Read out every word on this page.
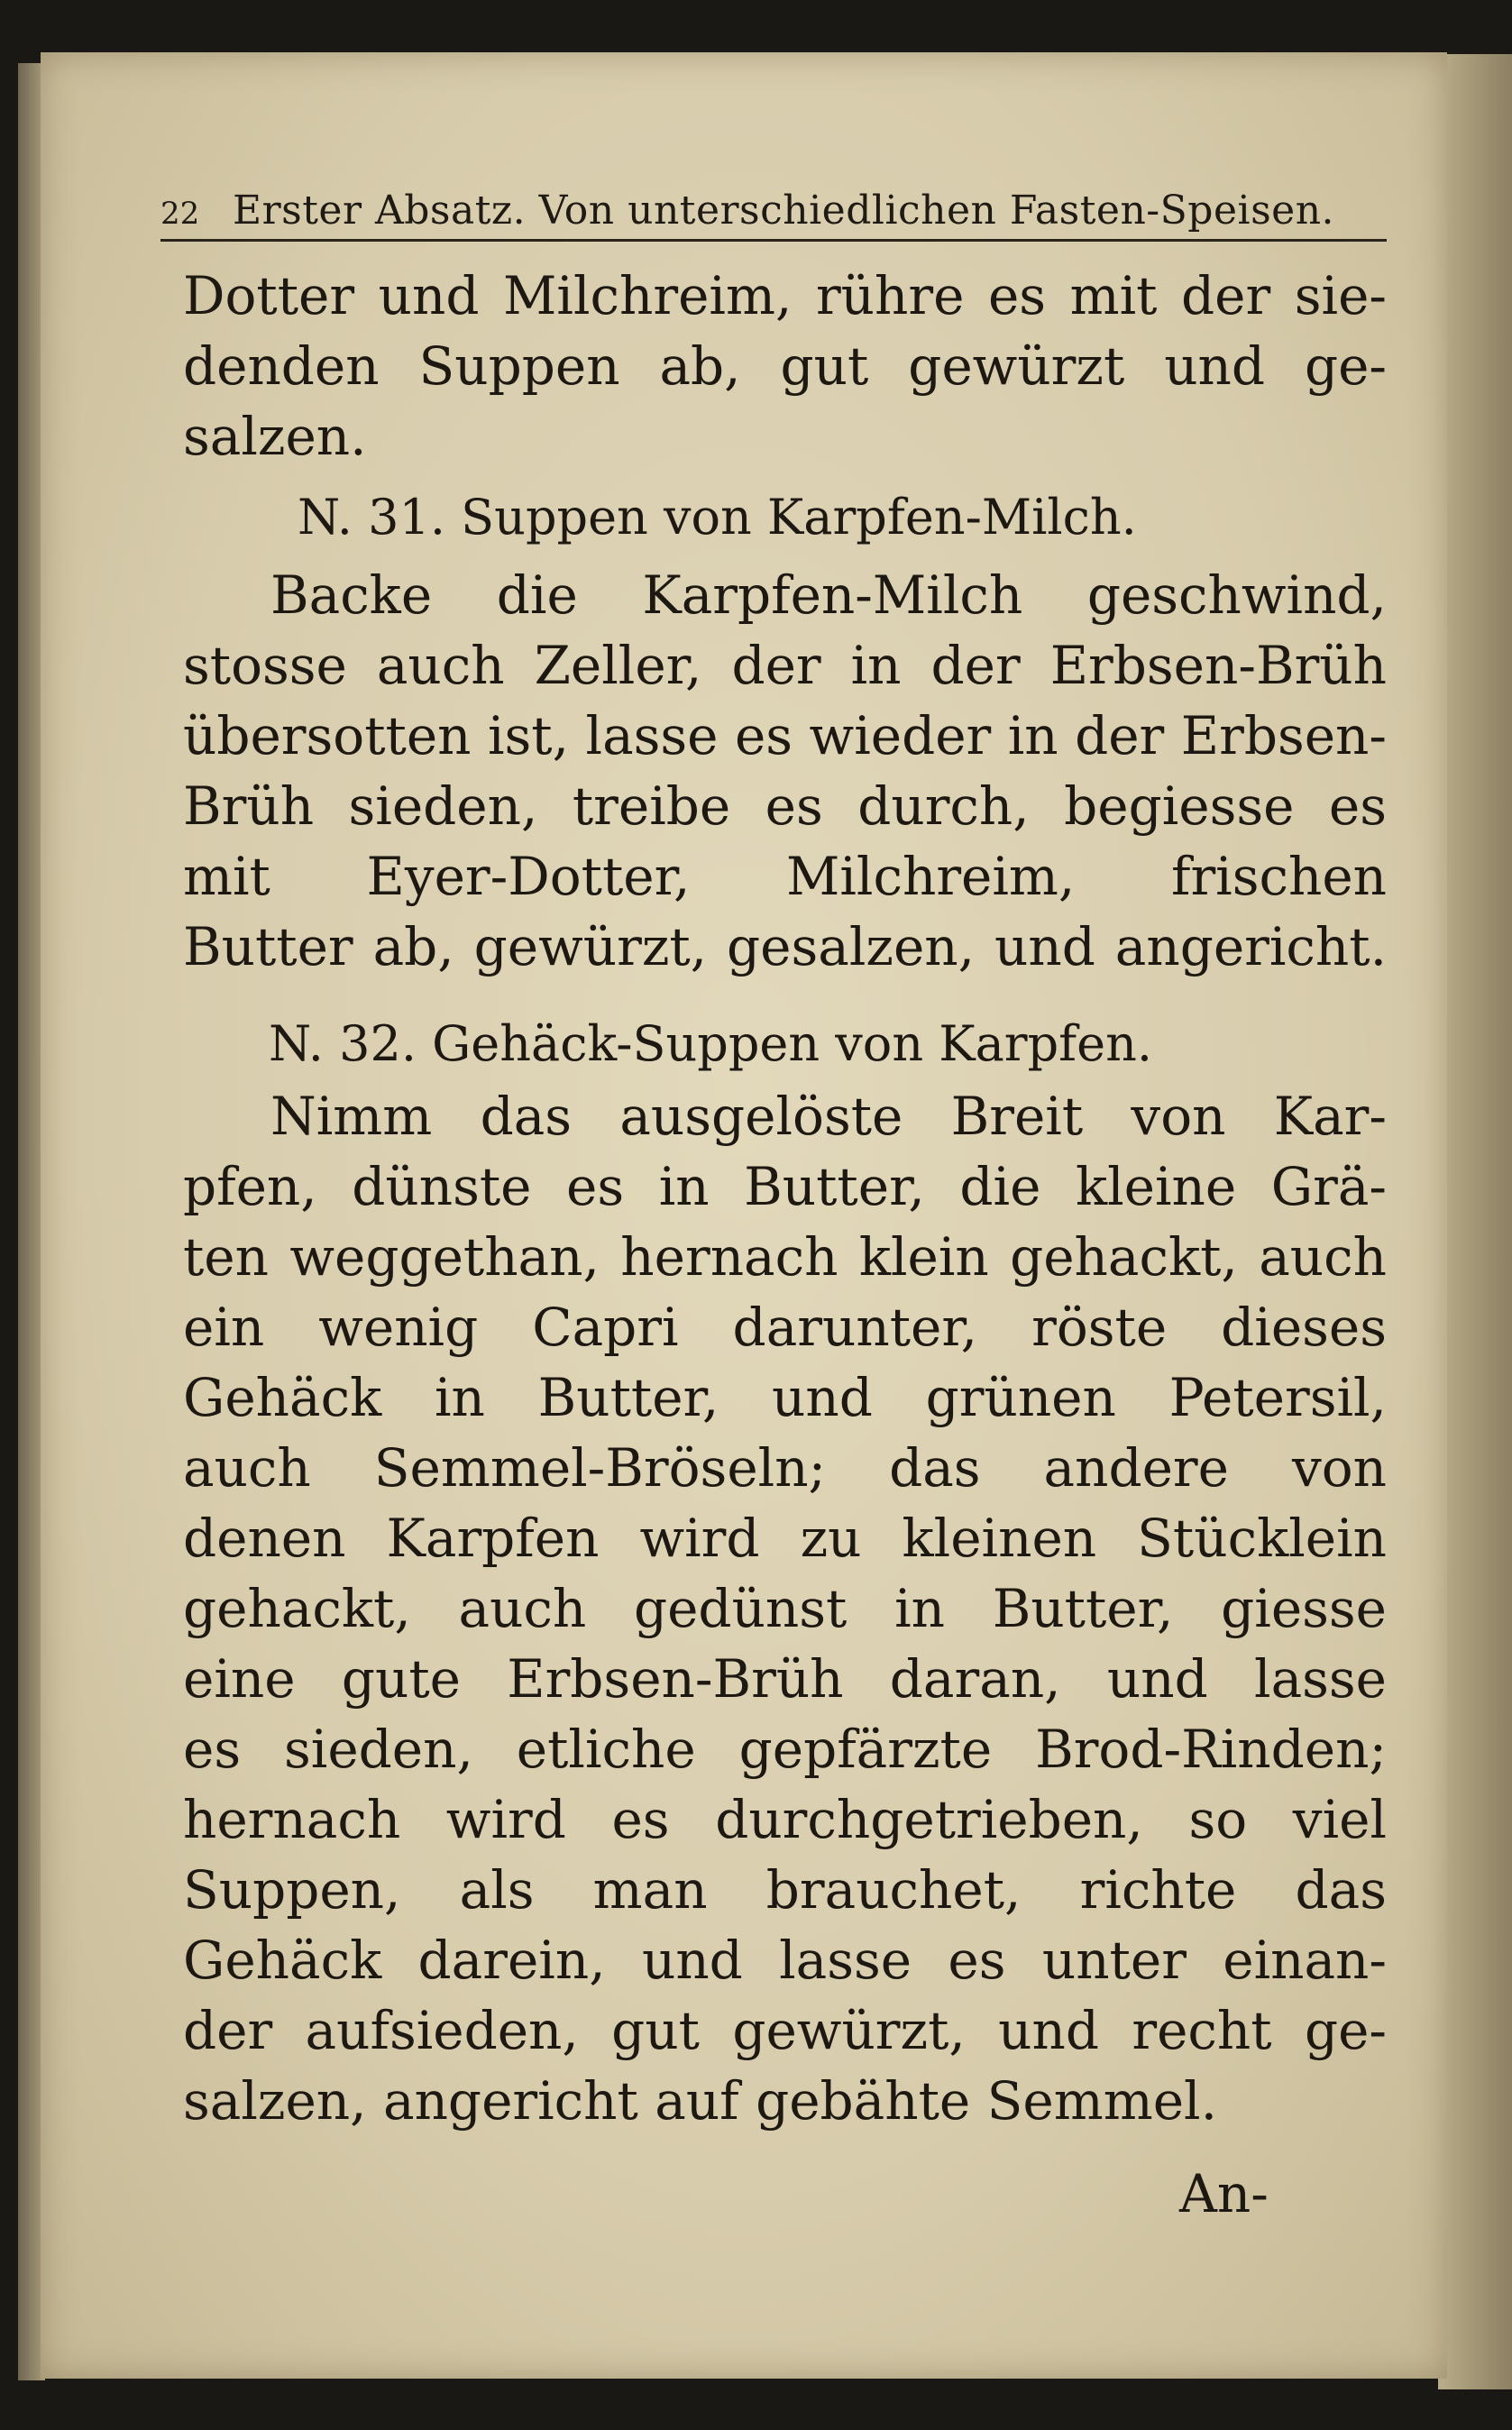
22 Erster Absatz. Von unterschiedlichen Fasten-Speisen.
Dotter und Milchreim, rühre es mit der sie-
denden Suppen ab, gut gewürzt und ge-
salzen.
N. 31. Suppen von Karpfen-Milch.
Backe die Karpfen-Milch geschwind,
stosse auch Zeller, der in der Erbsen-Brüh
übersotten ist, lasse es wieder in der Erbsen-
Brüh sieden, treibe es durch, begiesse es
mit Eyer-Dotter, Milchreim, frischen
Butter ab, gewürzt, gesalzen, und angericht.
N. 32. Gehäck-Suppen von Karpfen.
Nimm das ausgelöste Breit von Kar-
pfen, dünste es in Butter, die kleine Grä-
ten weggethan, hernach klein gehackt, auch
ein wenig Capri darunter, röste dieses
Gehäck in Butter, und grünen Petersil,
auch Semmel-Bröseln; das andere von
denen Karpfen wird zu kleinen Stücklein
gehackt, auch gedünst in Butter, giesse
eine gute Erbsen-Brüh daran, und lasse
es sieden, etliche gepfärzte Brod-Rinden;
hernach wird es durchgetrieben, so viel
Suppen, als man brauchet, richte das
Gehäck darein, und lasse es unter einan-
der aufsieden, gut gewürzt, und recht ge-
salzen, angericht auf gebähte Semmel.
An-
